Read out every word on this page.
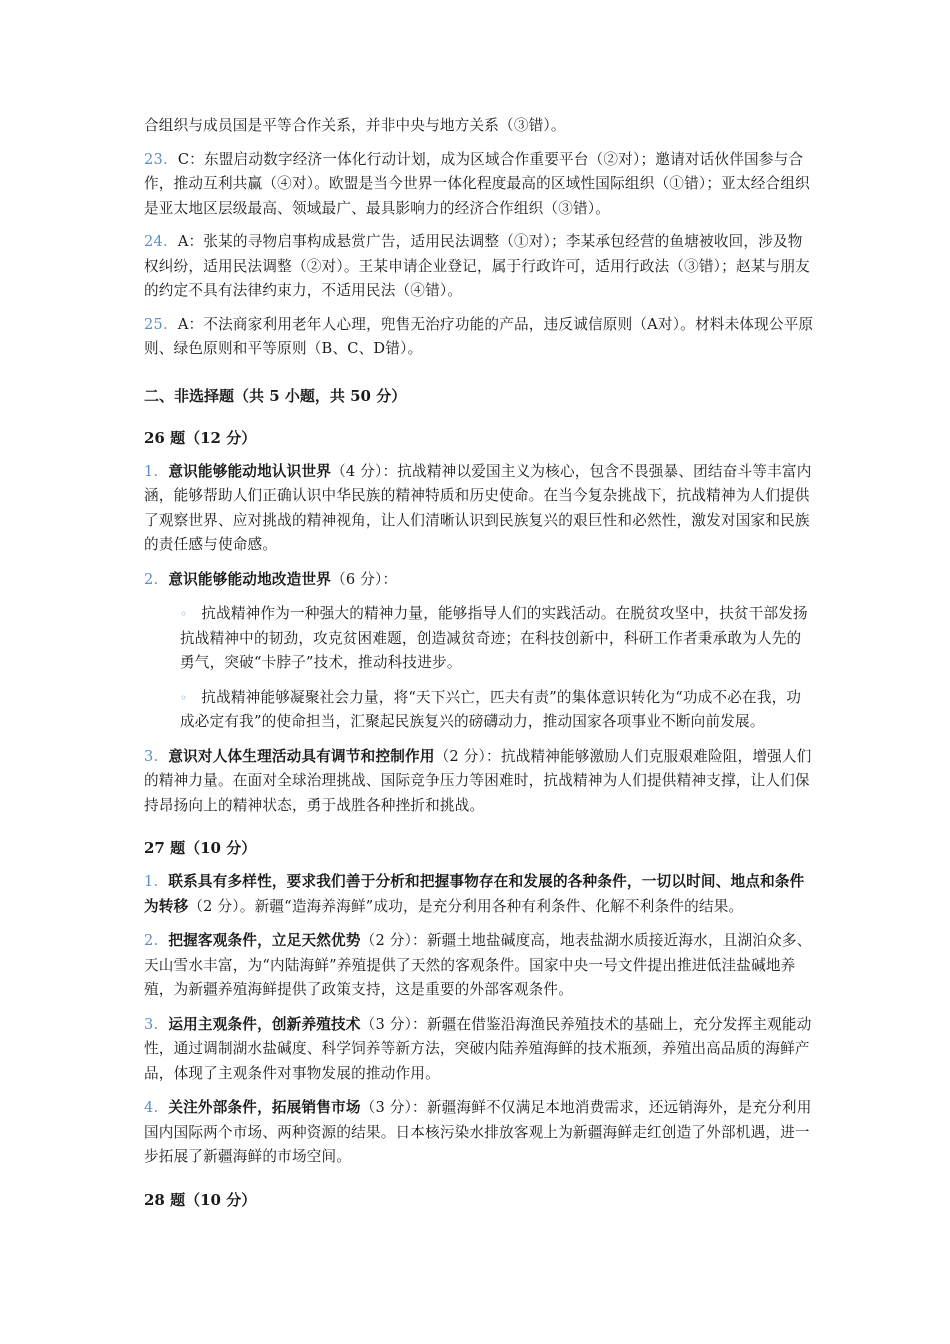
合组织与成员国是平等合作关系，并非中央与地方关系（③错）。

23. C：东盟启动数字经济一体化行动计划，成为区域合作重要平台（②对）；邀请对话伙伴国参与合作，推动互利共赢（④对）。欧盟是当今世界一体化程度最高的区域性国际组织（①错）；亚太经合组织是亚太地区层级最高、领域最广、最具影响力的经济合作组织（③错）。

24. A：张某的寻物启事构成悬赏广告，适用民法调整（①对）；李某承包经营的鱼塘被收回，涉及物权纠纷，适用民法调整（②对）。王某申请企业登记，属于行政许可，适用行政法（③错）；赵某与朋友的约定不具有法律约束力，不适用民法（④错）。

25. A：不法商家利用老年人心理，兜售无治疗功能的产品，违反诚信原则（A对）。材料未体现公平原则、绿色原则和平等原则（B、C、D错）。

二、非选择题（共 5 小题，共 50 分）
26 题（12 分）

1. 意识能够能动地认识世界（4 分）：抗战精神以爱国主义为核心，包含不畏强暴、团结奋斗等丰富内涵，能够帮助人们正确认识中华民族的精神特质和历史使命。在当今复杂挑战下，抗战精神为人们提供了观察世界、应对挑战的精神视角，让人们清晰认识到民族复兴的艰巨性和必然性，激发对国家和民族的责任感与使命感。

2. 意识能够能动地改造世界（6 分）：

◦ 抗战精神作为一种强大的精神力量，能够指导人们的实践活动。在脱贫攻坚中，扶贫干部发扬抗战精神中的韧劲，攻克贫困难题，创造减贫奇迹；在科技创新中，科研工作者秉承敢为人先的勇气，突破“卡脖子”技术，推动科技进步。

◦ 抗战精神能够凝聚社会力量，将“天下兴亡，匹夫有责”的集体意识转化为“功成不必在我，功成必定有我”的使命担当，汇聚起民族复兴的磅礴动力，推动国家各项事业不断向前发展。

3. 意识对人体生理活动具有调节和控制作用（2 分）：抗战精神能够激励人们克服艰难险阻，增强人们的精神力量。在面对全球治理挑战、国际竞争压力等困难时，抗战精神为人们提供精神支撑，让人们保持昂扬向上的精神状态，勇于战胜各种挫折和挑战。

27 题（10 分）

1. 联系具有多样性，要求我们善于分析和把握事物存在和发展的各种条件，一切以时间、地点和条件为转移（2 分）。新疆“造海养海鲜”成功，是充分利用各种有利条件、化解不利条件的结果。

2. 把握客观条件，立足天然优势（2 分）：新疆土地盐碱度高，地表盐湖水质接近海水，且湖泊众多、天山雪水丰富，为“内陆海鲜”养殖提供了天然的客观条件。国家中央一号文件提出推进低洼盐碱地养殖，为新疆养殖海鲜提供了政策支持，这是重要的外部客观条件。

3. 运用主观条件，创新养殖技术（3 分）：新疆在借鉴沿海渔民养殖技术的基础上，充分发挥主观能动性，通过调制湖水盐碱度、科学饲养等新方法，突破内陆养殖海鲜的技术瓶颈，养殖出高品质的海鲜产品，体现了主观条件对事物发展的推动作用。

4. 关注外部条件，拓展销售市场（3 分）：新疆海鲜不仅满足本地消费需求，还远销海外，是充分利用国内国际两个市场、两种资源的结果。日本核污染水排放客观上为新疆海鲜走红创造了外部机遇，进一步拓展了新疆海鲜的市场空间。

28 题（10 分）
